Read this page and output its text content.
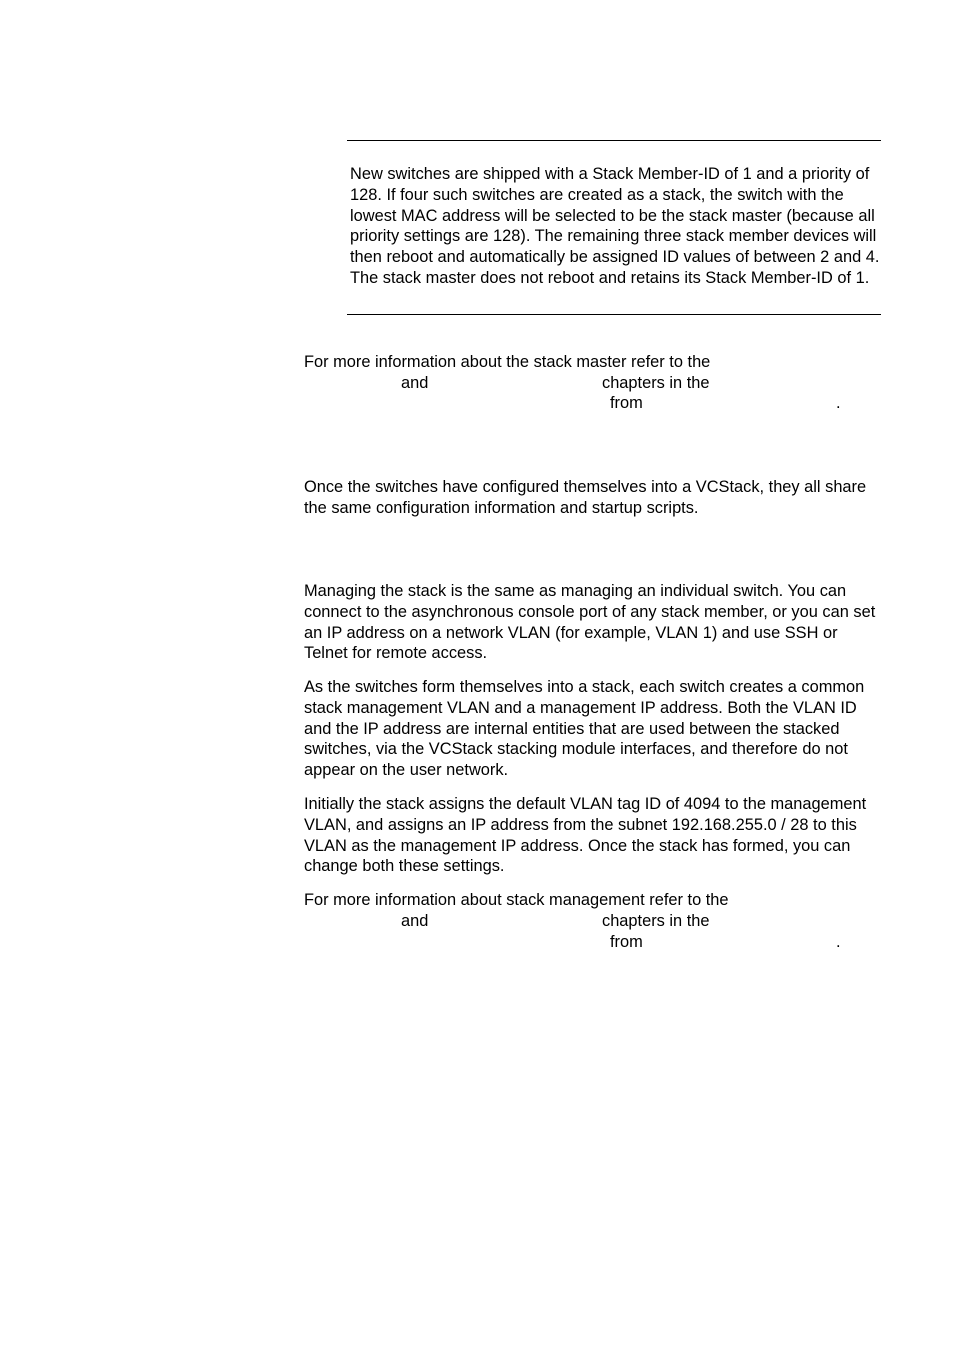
New switches are shipped with a Stack Member-ID of 1 and a priority of 128. If four such switches are created as a stack, the switch with the lowest MAC address will be selected to be the stack master (because all priority settings are 128). The remaining three stack member devices will then reboot and automatically be assigned ID values of between 2 and 4. The stack master does not reboot and retains its Stack Member-ID of 1.
For more information about the stack master refer to the
and	chapters in the
from	.

Once the switches have configured themselves into a VCStack, they all share the same configuration information and startup scripts.

Managing the stack is the same as managing an individual switch. You can connect to the asynchronous console port of any stack member, or you can set an IP address on a network VLAN (for example, VLAN 1) and use SSH or Telnet for remote access.

As the switches form themselves into a stack, each switch creates a common stack management VLAN and a management IP address. Both the VLAN ID and the IP address are internal entities that are used between the stacked switches, via the VCStack stacking module interfaces, and therefore do not appear on the user network.

Initially the stack assigns the default VLAN tag ID of 4094 to the management VLAN, and assigns an IP address from the subnet 192.168.255.0 / 28 to this VLAN as the management IP address. Once the stack has formed, you can change both these settings.

For more information about stack management refer to the
and	chapters in the
from	.
